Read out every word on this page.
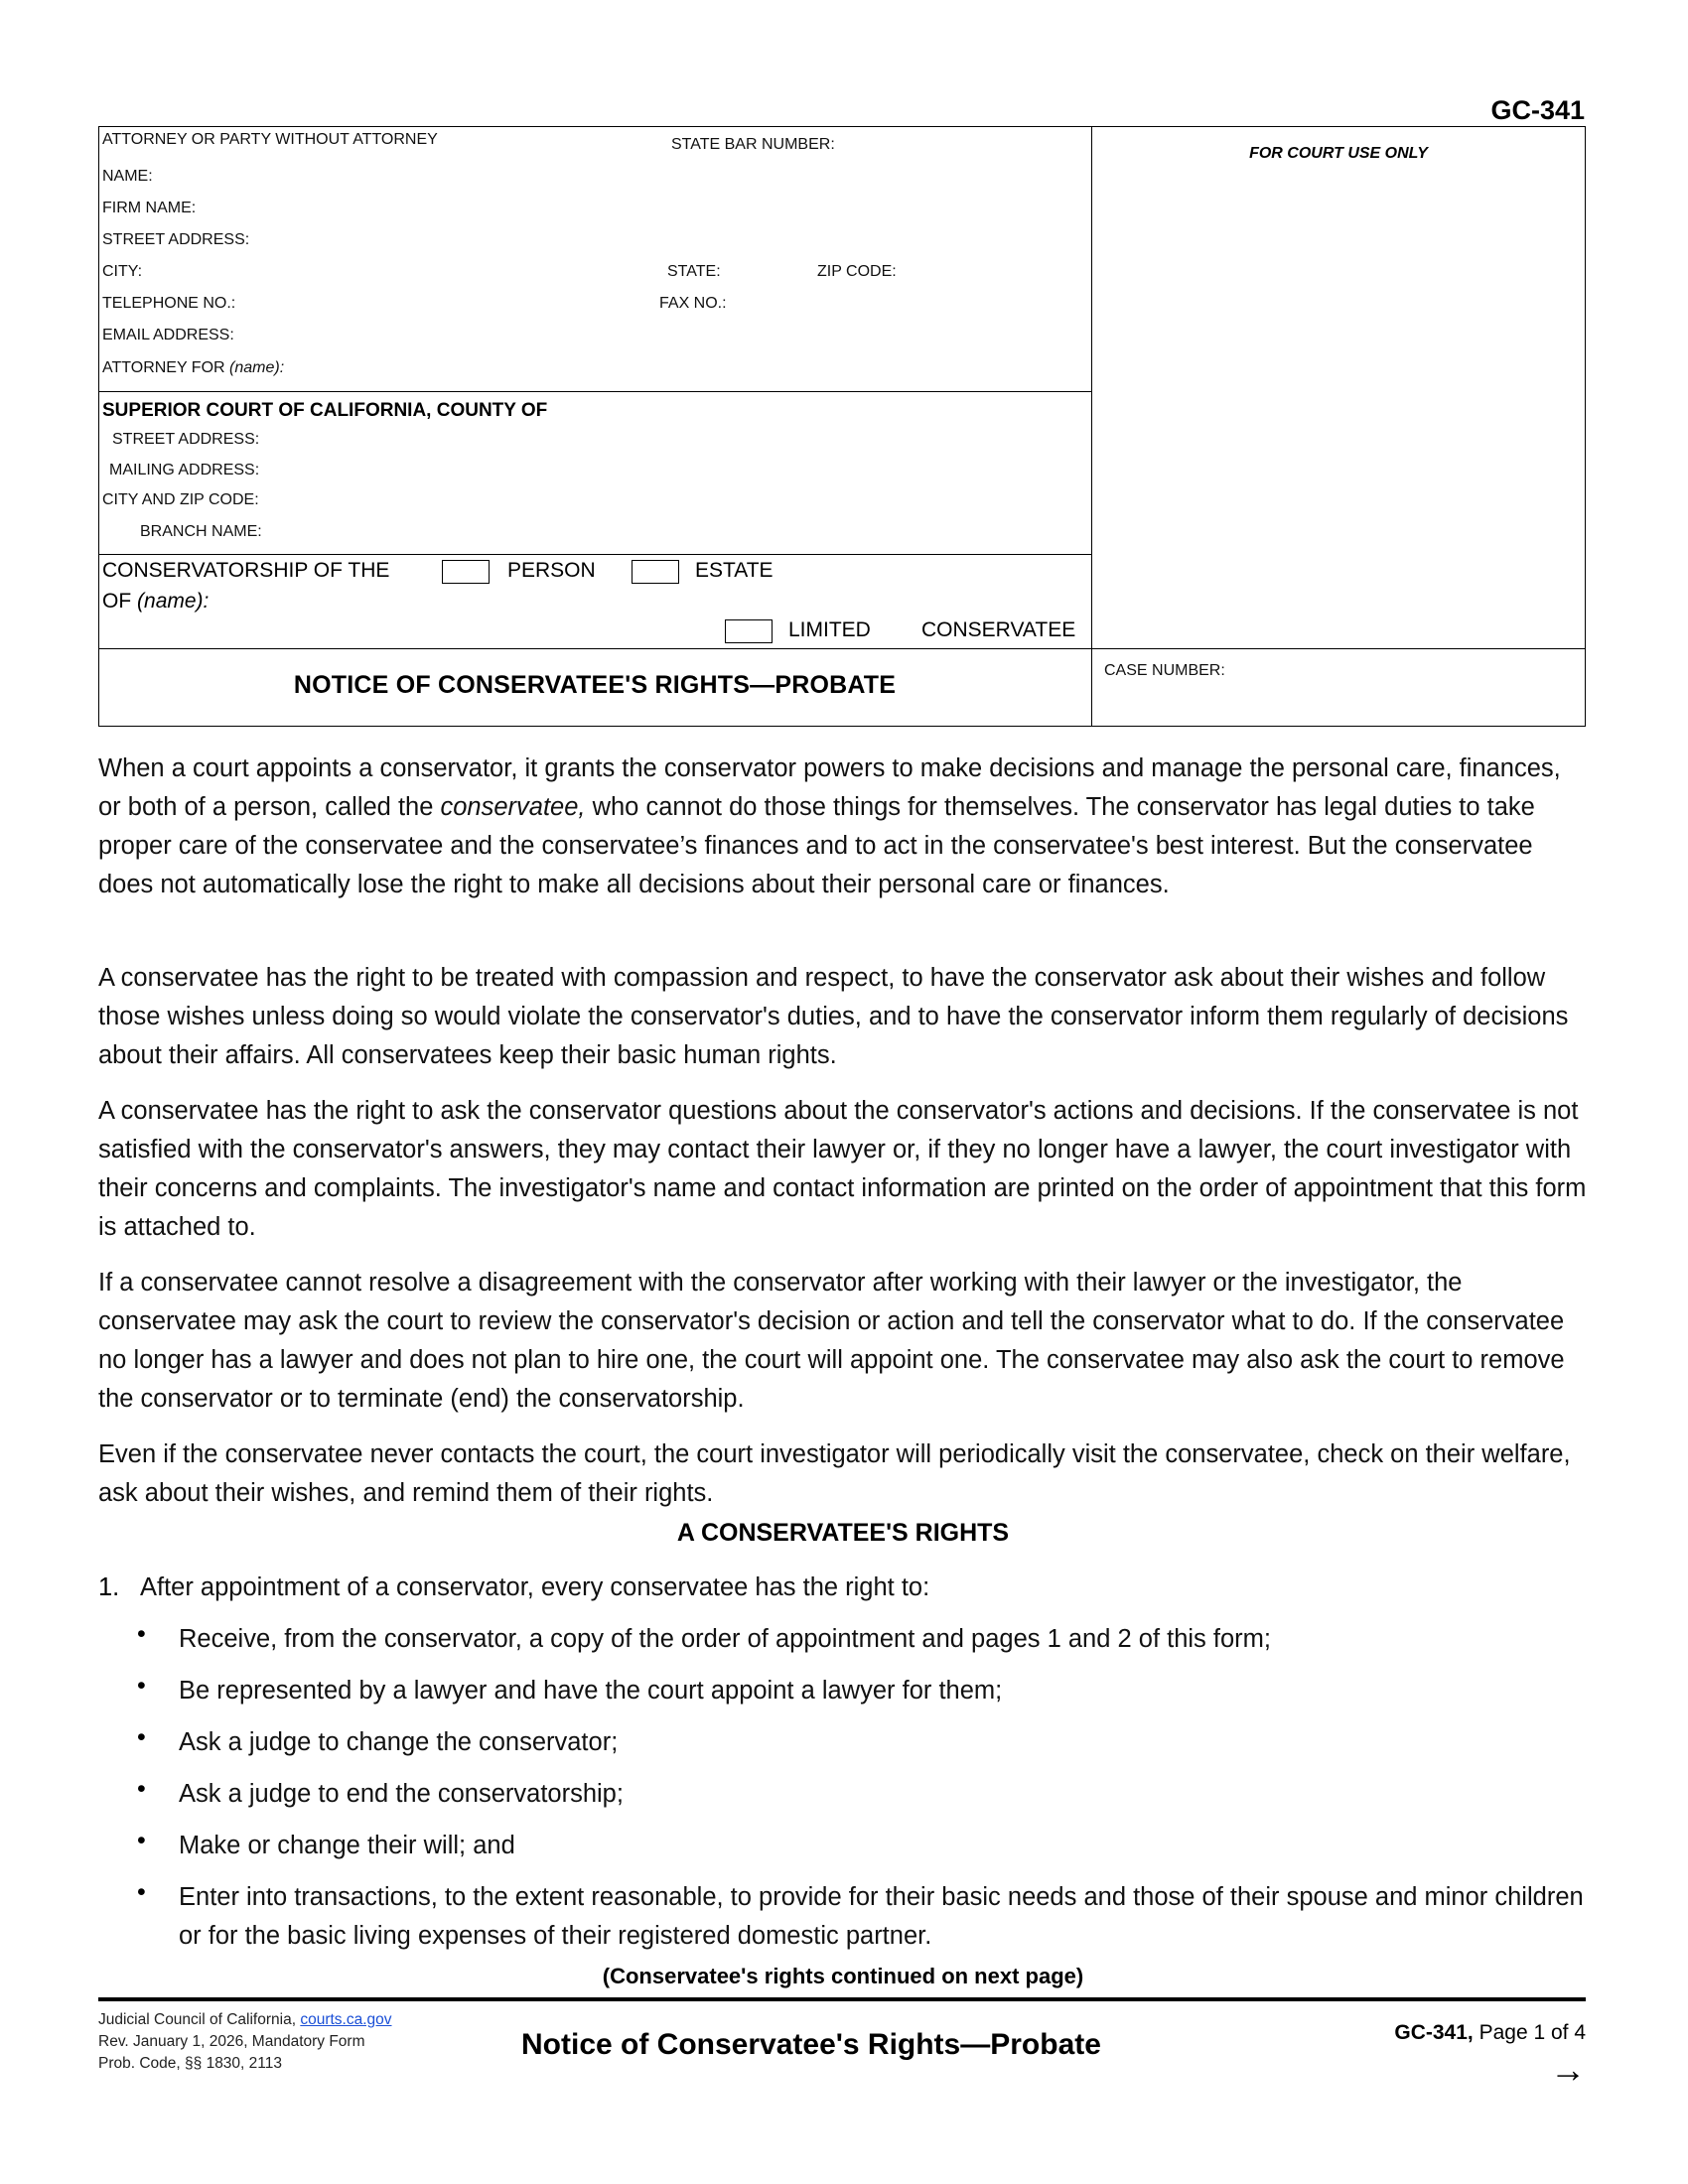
GC-341
ATTORNEY OR PARTY WITHOUT ATTORNEY	STATE BAR NUMBER:
NAME:
FIRM NAME:
STREET ADDRESS:
CITY:	STATE:	ZIP CODE:
TELEPHONE NO.:	FAX NO.:
EMAIL ADDRESS:
ATTORNEY FOR (name):
FOR COURT USE ONLY
SUPERIOR COURT OF CALIFORNIA, COUNTY OF
STREET ADDRESS:
MAILING ADDRESS:
CITY AND ZIP CODE:
BRANCH NAME:
CONSERVATORSHIP OF THE	PERSON	ESTATE
OF (name):
LIMITED CONSERVATEE
NOTICE OF CONSERVATEE'S RIGHTS—PROBATE
CASE NUMBER:
When a court appoints a conservator, it grants the conservator powers to make decisions and manage the personal care, finances, or both of a person, called the conservatee, who cannot do those things for themselves. The conservator has legal duties to take proper care of the conservatee and the conservatee’s finances and to act in the conservatee's best interest. But the conservatee does not automatically lose the right to make all decisions about their personal care or finances.
A conservatee has the right to be treated with compassion and respect, to have the conservator ask about their wishes and follow those wishes unless doing so would violate the conservator's duties, and to have the conservator inform them regularly of decisions about their affairs. All conservatees keep their basic human rights.
A conservatee has the right to ask the conservator questions about the conservator's actions and decisions. If the conservatee is not satisfied with the conservator's answers, they may contact their lawyer or, if they no longer have a lawyer, the court investigator with their concerns and complaints. The investigator's name and contact information are printed on the order of appointment that this form is attached to.
If a conservatee cannot resolve a disagreement with the conservator after working with their lawyer or the investigator, the conservatee may ask the court to review the conservator's decision or action and tell the conservator what to do. If the conservatee no longer has a lawyer and does not plan to hire one, the court will appoint one. The conservatee may also ask the court to remove the conservator or to terminate (end) the conservatorship.
Even if the conservatee never contacts the court, the court investigator will periodically visit the conservatee, check on their welfare, ask about their wishes, and remind them of their rights.
A CONSERVATEE'S RIGHTS
1. After appointment of a conservator, every conservatee has the right to:
• Receive, from the conservator, a copy of the order of appointment and pages 1 and 2 of this form;
• Be represented by a lawyer and have the court appoint a lawyer for them;
• Ask a judge to change the conservator;
• Ask a judge to end the conservatorship;
• Make or change their will; and
• Enter into transactions, to the extent reasonable, to provide for their basic needs and those of their spouse and minor children or for the basic living expenses of their registered domestic partner.
(Conservatee's rights continued on next page)
Judicial Council of California, courts.ca.gov
Rev. January 1, 2026, Mandatory Form
Prob. Code, §§ 1830, 2113
Notice of Conservatee's Rights—Probate	GC-341, Page 1 of 4
→
